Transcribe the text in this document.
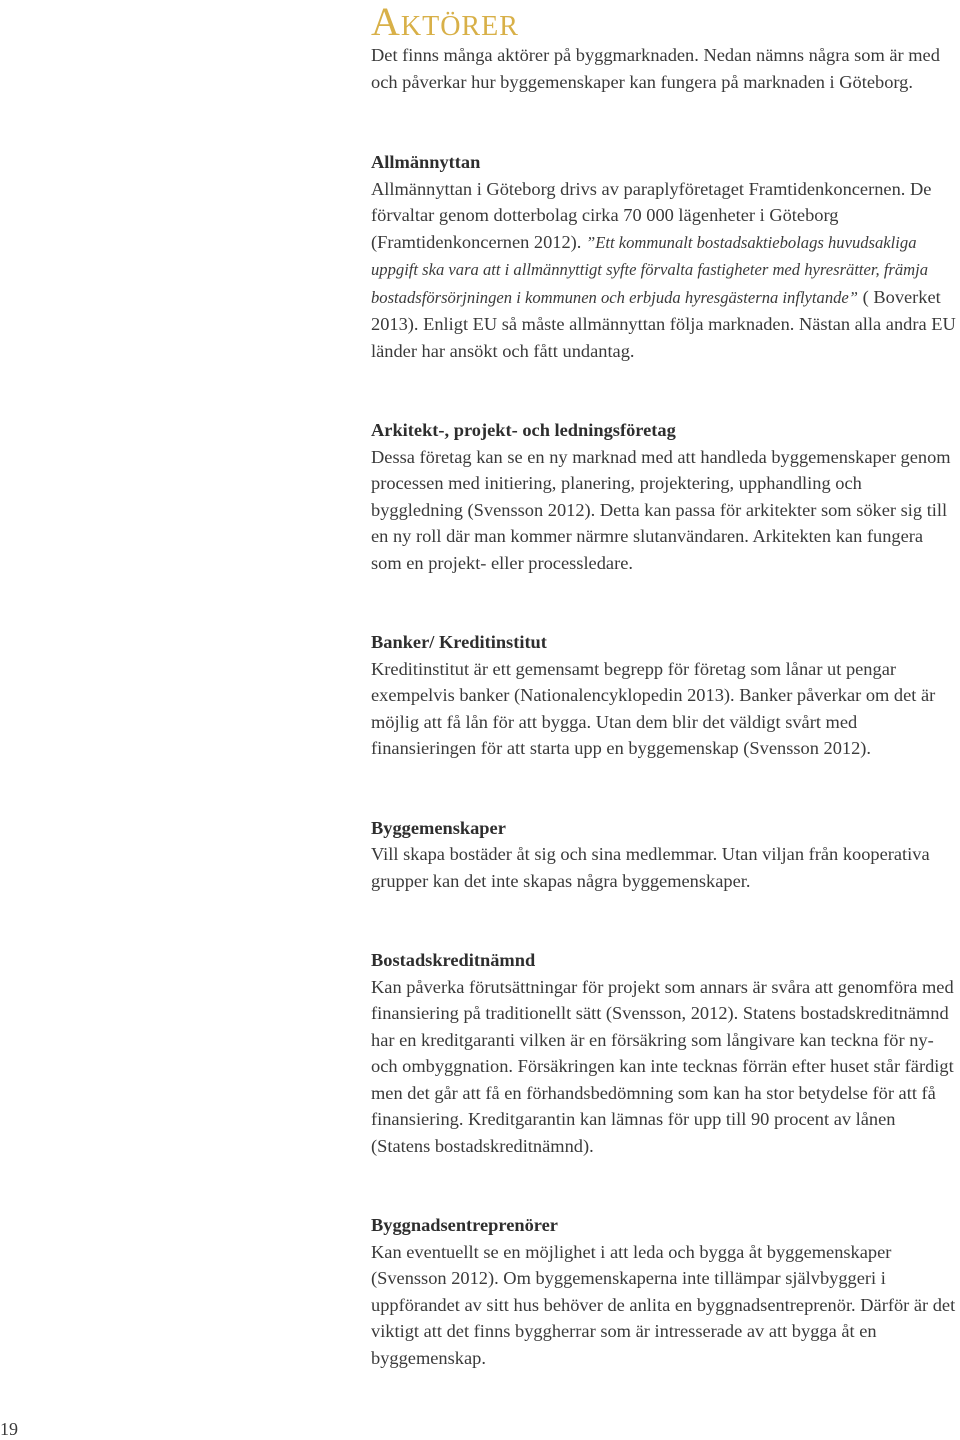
Aktörer

Det finns många aktörer på byggmarknaden. Nedan nämns några som är med och påverkar hur byggemenskaper kan fungera på marknaden i Göteborg.

Allmännyttan

Allmännyttan i Göteborg drivs av paraplyföretaget Framtidenkoncernen. De förvaltar genom dotterbolag cirka 70 000 lägenheter i Göteborg (Framtidenkoncernen 2012). ”Ett kommunalt bostadsaktiebolags huvudsakliga uppgift ska vara att i allmännyttigt syfte förvalta fastigheter med hyresrätter, främja bostadsförsörjningen i kommunen och erbjuda hyresgästerna inflytande” ( Boverket 2013). Enligt EU så måste allmännyttan följa marknaden. Nästan alla andra EU länder har ansökt och fått undantag.

Arkitekt-, projekt- och ledningsföretag

Dessa företag kan se en ny marknad med att handleda byggemenskaper genom processen med initiering, planering, projektering, upphandling och byggledning (Svensson 2012). Detta kan passa för arkitekter som söker sig till en ny roll där man kommer närmre slutanvändaren. Arkitekten kan fungera som en projekt- eller processledare.

Banker/ Kreditinstitut

Kreditinstitut är ett gemensamt begrepp för företag som lånar ut pengar exempelvis banker (Nationalencyklopedin 2013). Banker påverkar om det är möjlig att få lån för att bygga. Utan dem blir det väldigt svårt med finansieringen för att starta upp en byggemenskap (Svensson 2012).

Byggemenskaper

Vill skapa bostäder åt sig och sina medlemmar. Utan viljan från kooperativa grupper kan det inte skapas några byggemenskaper.

Bostadskreditnämnd

Kan påverka förutsättningar för projekt som annars är svåra att genomföra med finansiering på traditionellt sätt (Svensson, 2012). Statens bostadskreditnämnd har en kreditgaranti vilken är en försäkring som långivare kan teckna för ny- och ombyggnation. Försäkringen kan inte tecknas förrän efter huset står färdigt men det går att få en förhandsbedömning som kan ha stor betydelse för att få finansiering. Kreditgarantin kan lämnas för upp till 90 procent av lånen (Statens bostadskreditnämnd).

Byggnadsentreprenörer

Kan eventuellt se en möjlighet i att leda och bygga åt byggemenskaper (Svensson 2012). Om byggemenskaperna inte tillämpar självbyggeri i uppförandet av sitt hus behöver de anlita en byggnadsentreprenör. Därför är det viktigt att det finns byggherrar som är intresserade av att bygga åt en byggemenskap.

19
